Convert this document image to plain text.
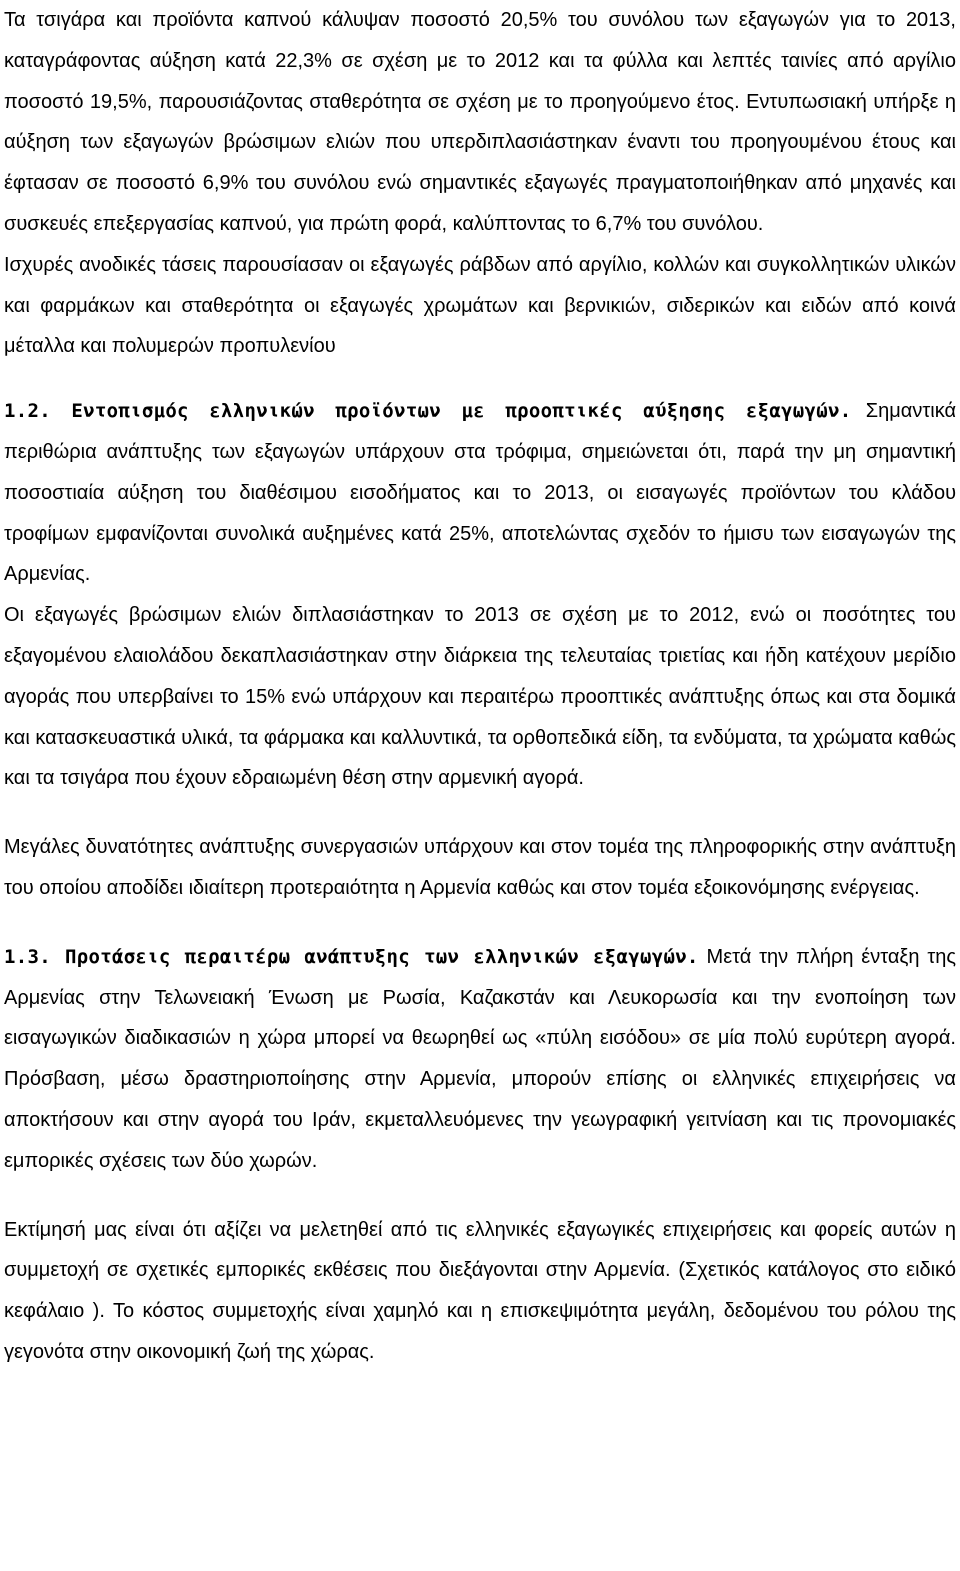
Τα τσιγάρα και προϊόντα καπνού κάλυψαν ποσοστό 20,5% του συνόλου των εξαγωγών για το 2013, καταγράφοντας αύξηση κατά 22,3% σε σχέση με το 2012 και τα φύλλα και λεπτές ταινίες από αργίλιο ποσοστό 19,5%, παρουσιάζοντας σταθερότητα σε σχέση με το προηγούμενο έτος. Εντυπωσιακή υπήρξε η αύξηση των εξαγωγών βρώσιμων ελιών που υπερδιπλασιάστηκαν έναντι του προηγουμένου έτους και έφτασαν σε ποσοστό 6,9% του συνόλου ενώ σημαντικές εξαγωγές πραγματοποιήθηκαν από μηχανές και συσκευές επεξεργασίας καπνού, για πρώτη φορά, καλύπτοντας το 6,7% του συνόλου.

Ισχυρές ανοδικές τάσεις παρουσίασαν οι εξαγωγές ράβδων από αργίλιο, κολλών και συγκολλητικών υλικών και φαρμάκων και σταθερότητα οι εξαγωγές χρωμάτων και βερνικιών, σιδερικών και ειδών από κοινά μέταλλα και πολυμερών προπυλενίου

1.2. Εντοπισμός ελληνικών προϊόντων με προοπτικές αύξησης εξαγωγών. Σημαντικά περιθώρια ανάπτυξης των εξαγωγών υπάρχουν στα τρόφιμα, σημειώνεται ότι, παρά την μη σημαντική ποσοστιαία αύξηση του διαθέσιμου εισοδήματος και το 2013, οι εισαγωγές προϊόντων του κλάδου τροφίμων εμφανίζονται συνολικά αυξημένες κατά 25%, αποτελώντας σχεδόν το ήμισυ των εισαγωγών της Αρμενίας.

Οι εξαγωγές βρώσιμων ελιών διπλασιάστηκαν το 2013 σε σχέση με το 2012, ενώ οι ποσότητες του εξαγομένου ελαιολάδου δεκαπλασιάστηκαν στην διάρκεια της τελευταίας τριετίας και ήδη κατέχουν μερίδιο αγοράς που υπερβαίνει το 15% ενώ υπάρχουν και περαιτέρω προοπτικές ανάπτυξης όπως και στα δομικά και κατασκευαστικά υλικά, τα φάρμακα και καλλυντικά, τα ορθοπεδικά είδη, τα ενδύματα, τα χρώματα καθώς και τα τσιγάρα που έχουν εδραιωμένη θέση στην αρμενική αγορά.

Μεγάλες δυνατότητες ανάπτυξης συνεργασιών υπάρχουν και στον τομέα της πληροφορικής στην ανάπτυξη του οποίου αποδίδει ιδιαίτερη προτεραιότητα η Αρμενία καθώς και στον τομέα εξοικονόμησης ενέργειας.

1.3. Προτάσεις περαιτέρω ανάπτυξης των ελληνικών εξαγωγών. Μετά την πλήρη ένταξη της Αρμενίας στην Τελωνειακή Ένωση με Ρωσία, Καζακστάν και Λευκορωσία και την ενοποίηση των εισαγωγικών διαδικασιών η χώρα μπορεί να θεωρηθεί ως «πύλη εισόδου» σε μία πολύ ευρύτερη αγορά. Πρόσβαση, μέσω δραστηριοποίησης στην Αρμενία, μπορούν επίσης οι ελληνικές επιχειρήσεις να αποκτήσουν και στην αγορά του Ιράν, εκμεταλλευόμενες την γεωγραφική γειτνίαση και τις προνομιακές εμπορικές σχέσεις των δύο χωρών.

Εκτίμησή μας είναι ότι αξίζει να μελετηθεί από τις ελληνικές εξαγωγικές επιχειρήσεις και φορείς αυτών η συμμετοχή σε σχετικές εμπορικές εκθέσεις που διεξάγονται στην Αρμενία. (Σχετικός κατάλογος στο ειδικό κεφάλαιο ). Το κόστος συμμετοχής είναι χαμηλό και η επισκεψιμότητα μεγάλη, δεδομένου του ρόλου της γεγονότα στην οικονομική ζωή της χώρας.
